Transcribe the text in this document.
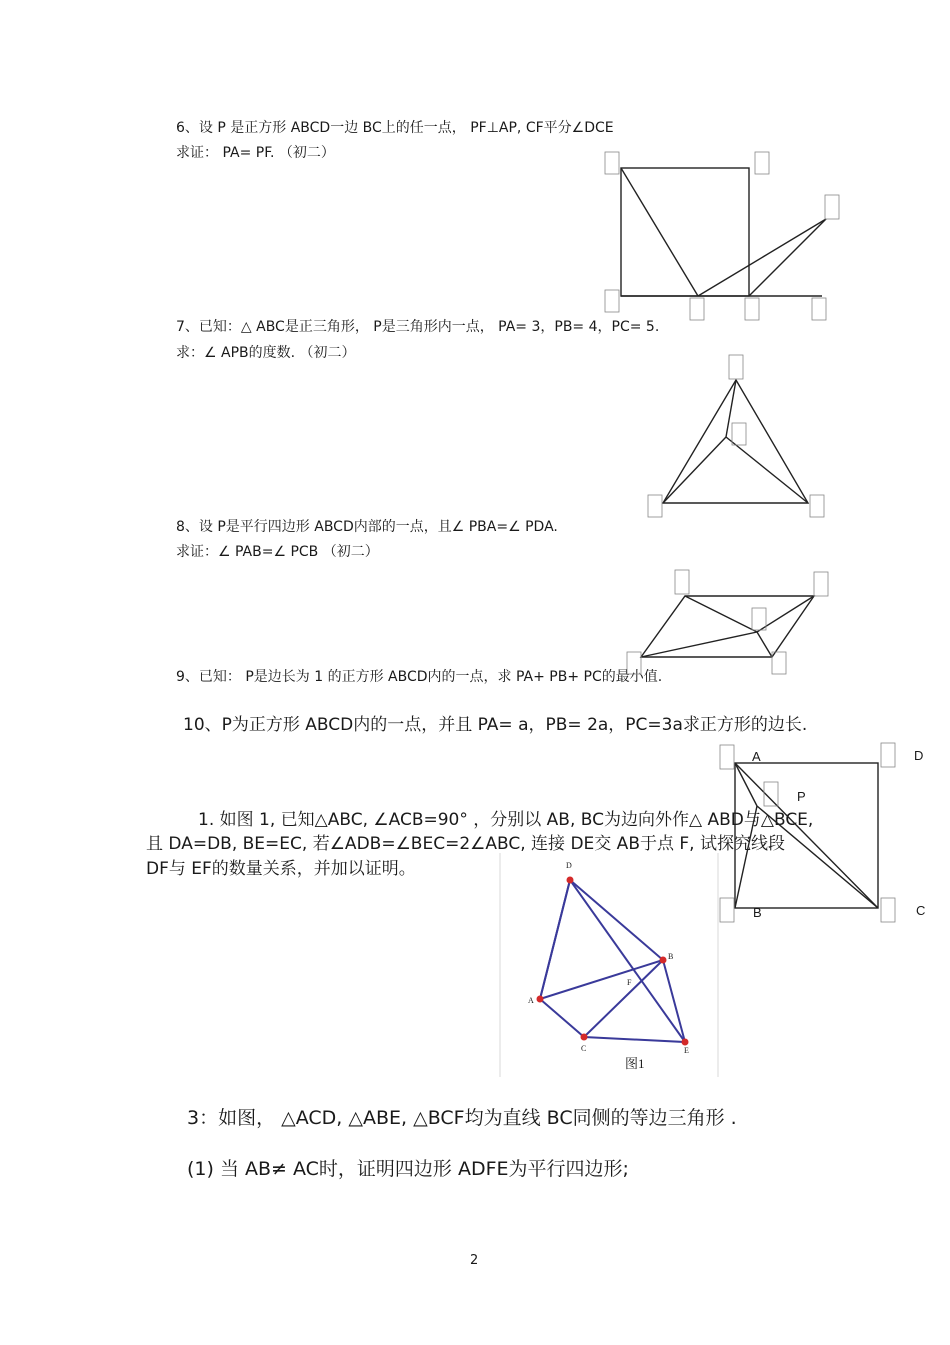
6、设 P 是正方形 ABCD一边 BC上的任一点， PF⊥AP, CF平分∠DCE
求证： PA= PF. （初二）
7、已知：△ ABC是正三角形， P是三角形内一点， PA= 3，PB= 4，PC= 5.
求：∠ APB的度数. （初二）
8、设 P是平行四边形 ABCD内部的一点，且∠ PBA=∠ PDA.
求证：∠ PAB=∠ PCB （初二）
9、已知： P是边长为 1 的正方形 ABCD内的一点，求 PA+ PB+ PC的最小值.
10、P为正方形 ABCD内的一点，并且 PA= a，PB= 2a，PC=3a求正方形的边长.
1. 如图 1, 已知△ABC, ∠ACB=90° ，分别以 AB, BC为边向外作△ ABD与△BCE,
且 DA=DB, BE=EC, 若∠ADB=∠BEC=2∠ABC, 连接 DE交 AB于点 F, 试探究线段
DF与 EF的数量关系，并加以证明。
3：如图， △ACD, △ABE, △BCF均为直线 BC同侧的等边三角形 .
(1) 当 AB≠ AC时，证明四边形 ADFE为平行四边形;
2
A	D
P
B	C
D
B
F
A
C	E
图1
